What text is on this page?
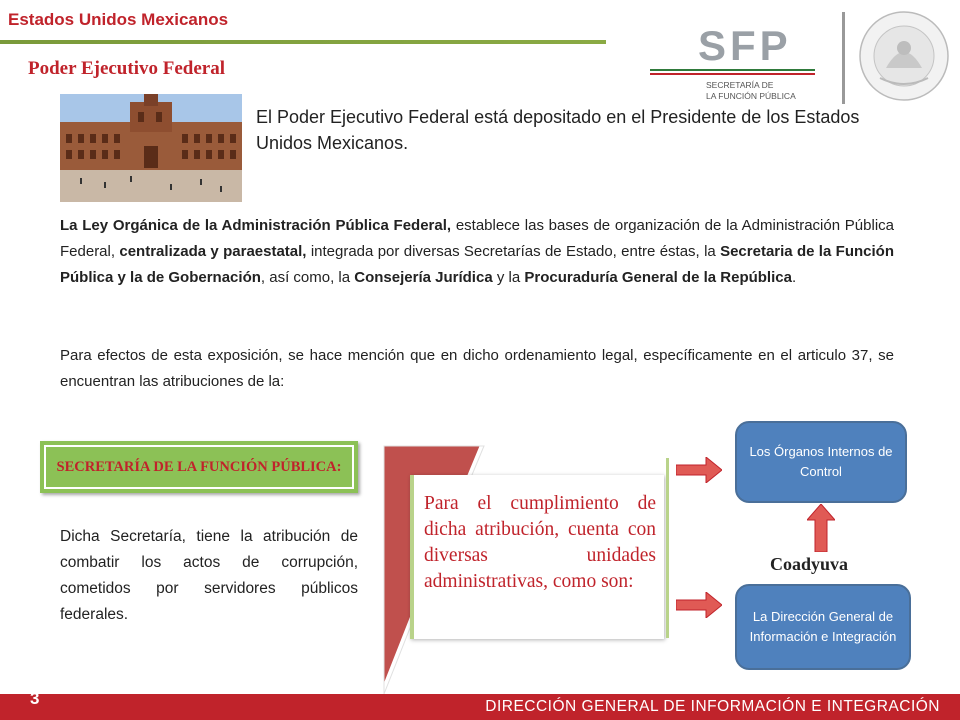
Estados Unidos Mexicanos
Poder Ejecutivo Federal	SFP
SECRETARÍA DE
LA FUNCIÓN PÚBLICA
El Poder Ejecutivo Federal está depositado en el Presidente de los Estados Unidos Mexicanos.
La Ley Orgánica de la Administración Pública Federal, establece las bases de organización de la Administración Pública Federal, centralizada y paraestatal, integrada por diversas Secretarías de Estado, entre éstas, la Secretaria de la Función Pública y la de Gobernación, así como, la Consejería Jurídica y la Procuraduría General de la República.
Para efectos de esta exposición, se hace mención que en dicho ordenamiento legal, específicamente en el articulo 37, se encuentran las atribuciones de la:
SECRETARÍA DE LA FUNCIÓN PÚBLICA:
Dicha Secretaría, tiene la atribución de combatir los actos de corrupción, cometidos por servidores públicos federales.
Para el cumplimiento de dicha atribución, cuenta con diversas unidades administrativas, como son:
Los Órganos Internos de Control
Coadyuva
La Dirección General de Información e Integración
3	DIRECCIÓN GENERAL DE INFORMACIÓN E INTEGRACIÓN
